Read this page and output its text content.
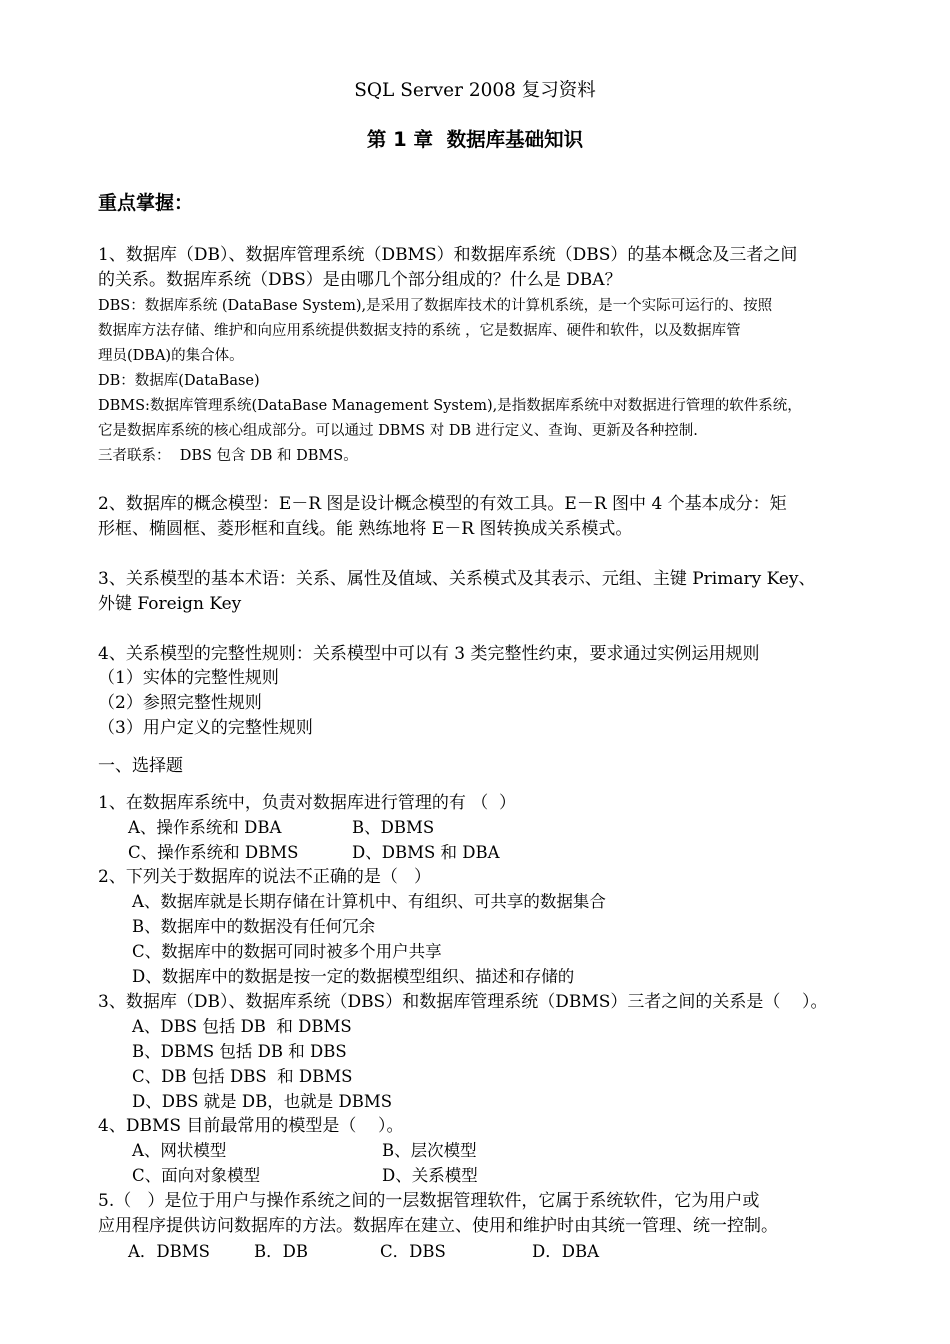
SQL Server 2008 复习资料
第 1 章  数据库基础知识
重点掌握：
1、数据库（DB）、数据库管理系统（DBMS）和数据库系统（DBS）的基本概念及三者之间
的关系。数据库系统（DBS）是由哪几个部分组成的？什么是 DBA？
DBS：数据库系统 (DataBase System),是采用了数据库技术的计算机系统，是一个实际可运行的、按照
数据库方法存储、维护和向应用系统提供数据支持的系统 ，它是数据库、硬件和软件，以及数据库管
理员(DBA)的集合体。
DB：数据库(DataBase)
DBMS:数据库管理系统(DataBase Management System),是指数据库系统中对数据进行管理的软件系统，
它是数据库系统的核心组成部分。可以通过 DBMS 对 DB 进行定义、查询、更新及各种控制.
三者联系：  DBS 包含 DB 和 DBMS。
2、数据库的概念模型：E－R 图是设计概念模型的有效工具。E－R 图中 4 个基本成分：矩
形框、椭圆框、菱形框和直线。能 熟练地将 E－R 图转换成关系模式。
3、关系模型的基本术语：关系、属性及值域、关系模式及其表示、元组、主键 Primary Key、
外键 Foreign Key
4、关系模型的完整性规则：关系模型中可以有 3 类完整性约束，要求通过实例运用规则
（1）实体的完整性规则
（2）参照完整性规则
（3）用户定义的完整性规则
一、选择题
1、在数据库系统中，负责对数据库进行管理的有 （  ）
A、操作系统和 DBA	B、DBMS
C、操作系统和 DBMS	D、DBMS 和 DBA
2、下列关于数据库的说法不正确的是（   ）
A、数据库就是长期存储在计算机中、有组织、可共享的数据集合
B、数据库中的数据没有任何冗余
C、数据库中的数据可同时被多个用户共享
D、数据库中的数据是按一定的数据模型组织、描述和存储的
3、数据库（DB）、数据库系统（DBS）和数据库管理系统（DBMS）三者之间的关系是（    ）。
A、DBS 包括 DB  和 DBMS
B、DBMS 包括 DB 和 DBS
C、DB 包括 DBS  和 DBMS
D、DBS 就是 DB，也就是 DBMS
4、DBMS 目前最常用的模型是（    ）。
A、网状模型	B、层次模型
C、面向对象模型	D、关系模型
5.（   ）是位于用户与操作系统之间的一层数据管理软件，它属于系统软件，它为用户或
应用程序提供访问数据库的方法。数据库在建立、使用和维护时由其统一管理、统一控制。
A．DBMS	B．DB	C．DBS	D．DBA
